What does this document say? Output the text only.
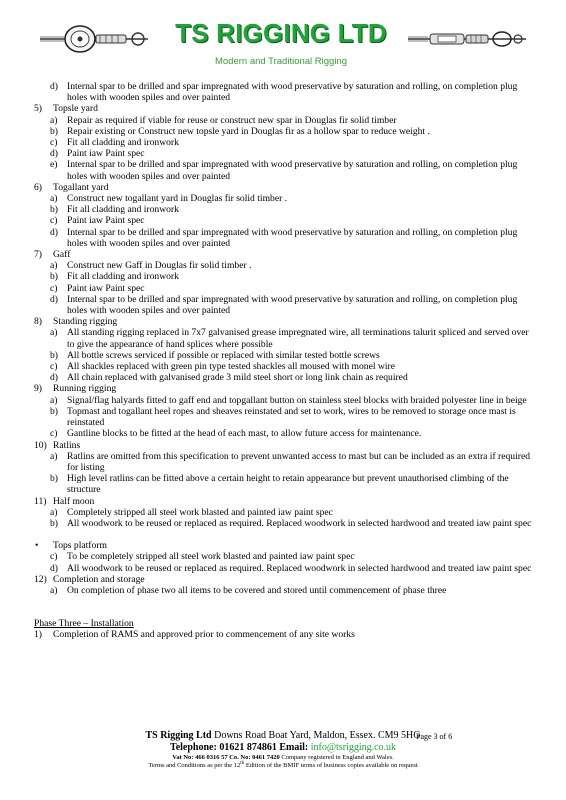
TS RIGGING LTD
Modern and Traditional Rigging
d) Internal spar to be drilled and spar impregnated with wood preservative by saturation and rolling, on completion plug holes with wooden spiles and over painted
5)	Topsle yard
a) Repair as required if viable for reuse or construct new spar in Douglas fir solid timber
b) Repair existing or Construct new topsle yard in Douglas fir as a hollow spar to reduce weight .
c) Fit all cladding and ironwork
d) Paint iaw Paint spec
e) Internal spar to be drilled and spar impregnated with wood preservative by saturation and rolling, on completion plug holes with wooden spiles and over painted
6)	Togallant yard
a) Construct new togallant yard in Douglas fir solid timber .
b) Fit all cladding and ironwork
c) Paint iaw Paint spec
d) Internal spar to be drilled and spar impregnated with wood preservative by saturation and rolling, on completion plug holes with wooden spiles and over painted
7)	Gaff
a) Construct new Gaff in Douglas fir solid timber .
b) Fit all cladding and ironwork
c) Paint iaw Paint spec
d) Internal spar to be drilled and spar impregnated with wood preservative by saturation and rolling, on completion plug holes with wooden spiles and over painted
8)	Standing rigging
a) All standing rigging replaced in 7x7 galvanised grease impregnated wire, all terminations talurit spliced and served over to give the appearance of hand splices where possible
b) All bottle screws serviced if possible or replaced with similar tested bottle screws
c) All shackles replaced with green pin type tested shackles all moused with monel wire
d) All chain replaced with galvanised grade 3 mild steel short or long link chain as required
9)	Running rigging
a) Signal/flag halyards fitted to gaff end and topgallant button on stainless steel blocks with braided polyester line in beige
b) Topmast and togallant heel ropes and sheaves reinstated and set to work, wires to be removed to storage once mast is reinstated
c) Gantline blocks to be fitted at the head of each mast, to allow future access for maintenance.
10) Ratlins
a) Ratlins are omitted from this specification to prevent unwanted access to mast but can be included as an extra if required for listing
b) High level ratlins can be fitted above a certain height to retain appearance but prevent unauthorised climbing of the structure
11) Half moon
a) Completely stripped all steel work blasted and painted iaw paint spec
b) All woodwork to be reused or replaced as required. Replaced woodwork in selected hardwood and treated iaw paint spec
•	Tops platform
c) To be completely stripped all steel work blasted and painted iaw paint spec
d) All woodwork to be reused or replaced as required. Replaced woodwork in selected hardwood and treated iaw paint spec
12) Completion and storage
a) On completion of phase two all items to be covered and stored until commencement of phase three
Phase Three – Installation
1)	Completion of RAMS and approved prior to commencement of any site works
TS Rigging Ltd Downs Road Boat Yard, Maldon, Essex. CM9 5HG
Page 3 of 6
Telephone: 01621 874861 Email: info@tsrigging.co.uk
Vat No: 466 0316 57 Co. No: 0461 7420 Company registered in England and Wales.
Terms and Conditions as per the 12th Edition of the BMIF terms of business copies available on request
